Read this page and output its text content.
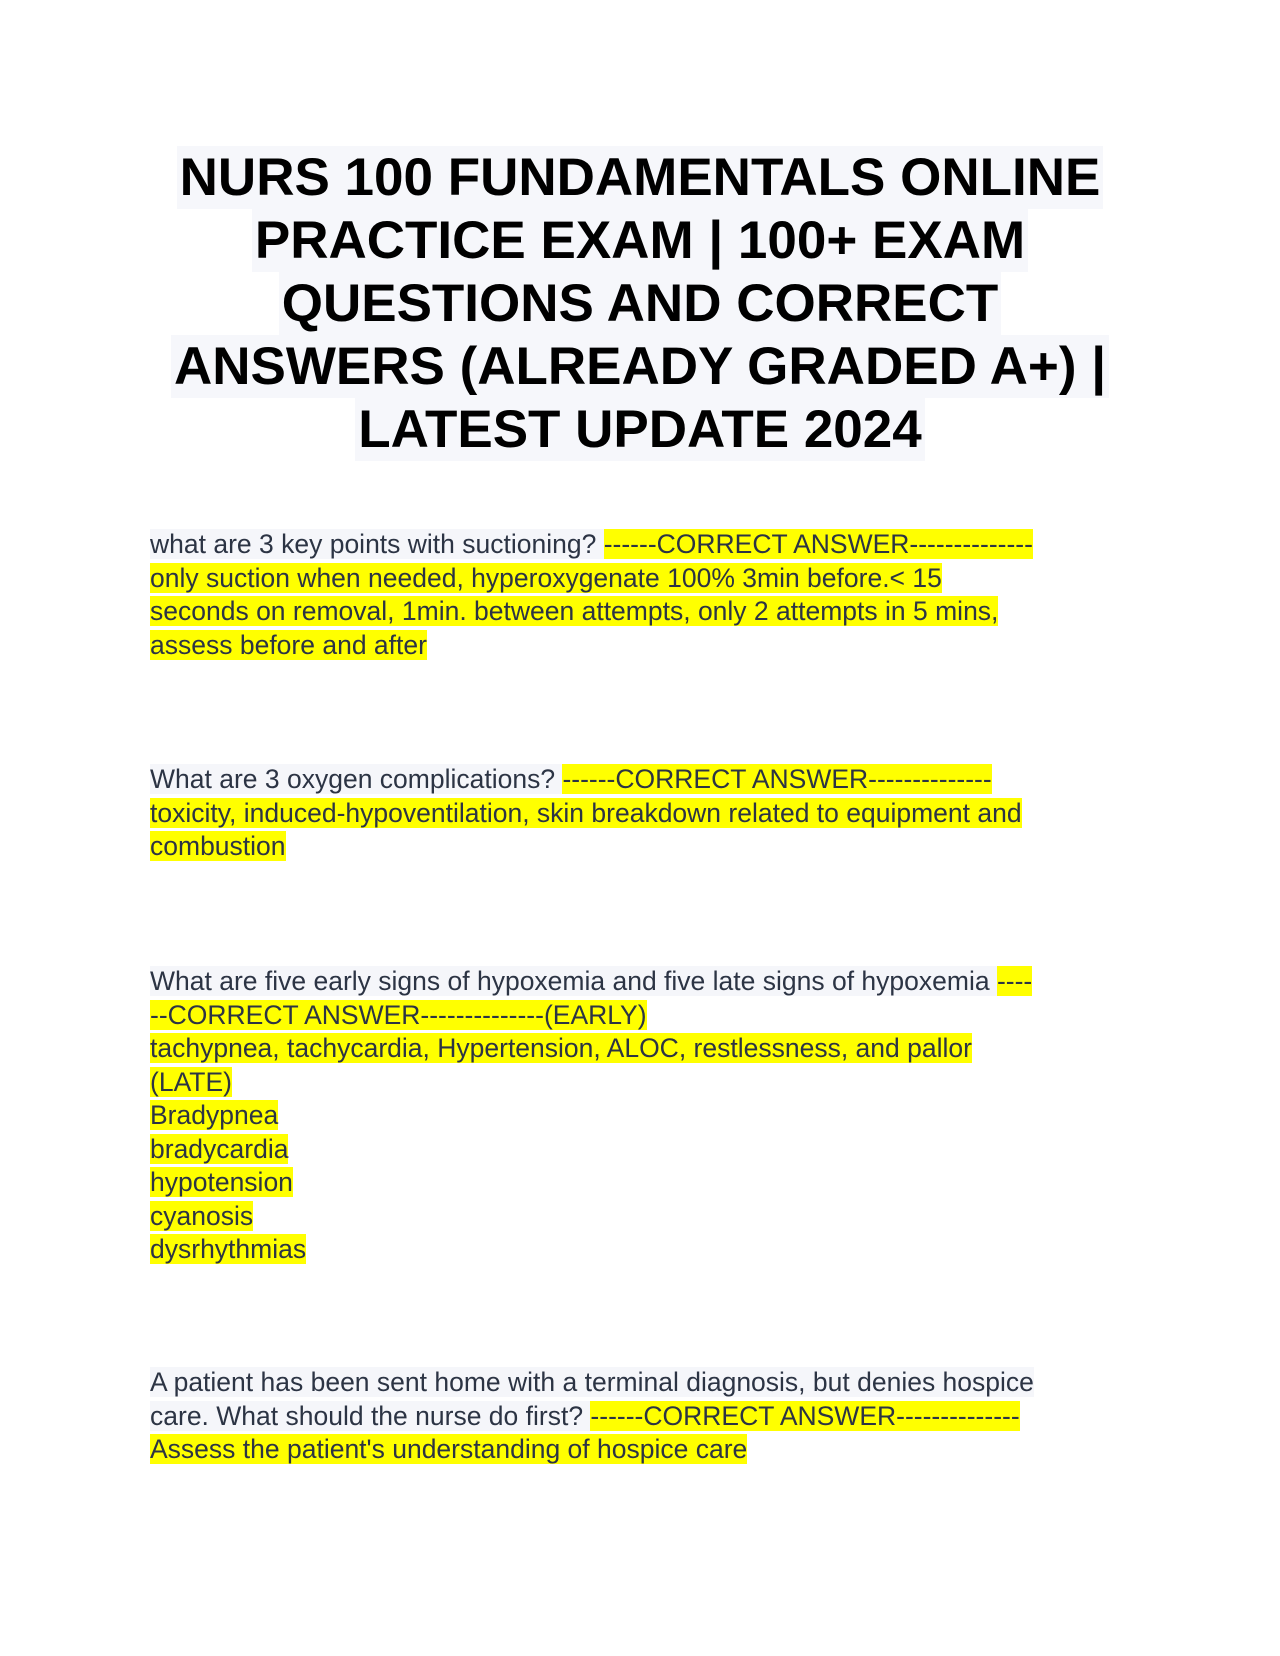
NURS 100 FUNDAMENTALS ONLINE
PRACTICE EXAM | 100+ EXAM
QUESTIONS AND CORRECT
ANSWERS (ALREADY GRADED A+) |
LATEST UPDATE 2024
what are 3 key points with suctioning? ------CORRECT ANSWER--------------
only suction when needed, hyperoxygenate 100% 3min before.< 15
seconds on removal, 1min. between attempts, only 2 attempts in 5 mins,
assess before and after
What are 3 oxygen complications? ------CORRECT ANSWER--------------
toxicity, induced-hypoventilation, skin breakdown related to equipment and
combustion
What are five early signs of hypoxemia and five late signs of hypoxemia ----
--CORRECT ANSWER--------------(EARLY)
tachypnea, tachycardia, Hypertension, ALOC, restlessness, and pallor
(LATE)
Bradypnea
bradycardia
hypotension
cyanosis
dysrhythmias
A patient has been sent home with a terminal diagnosis, but denies hospice
care. What should the nurse do first? ------CORRECT ANSWER--------------
Assess the patient's understanding of hospice care
